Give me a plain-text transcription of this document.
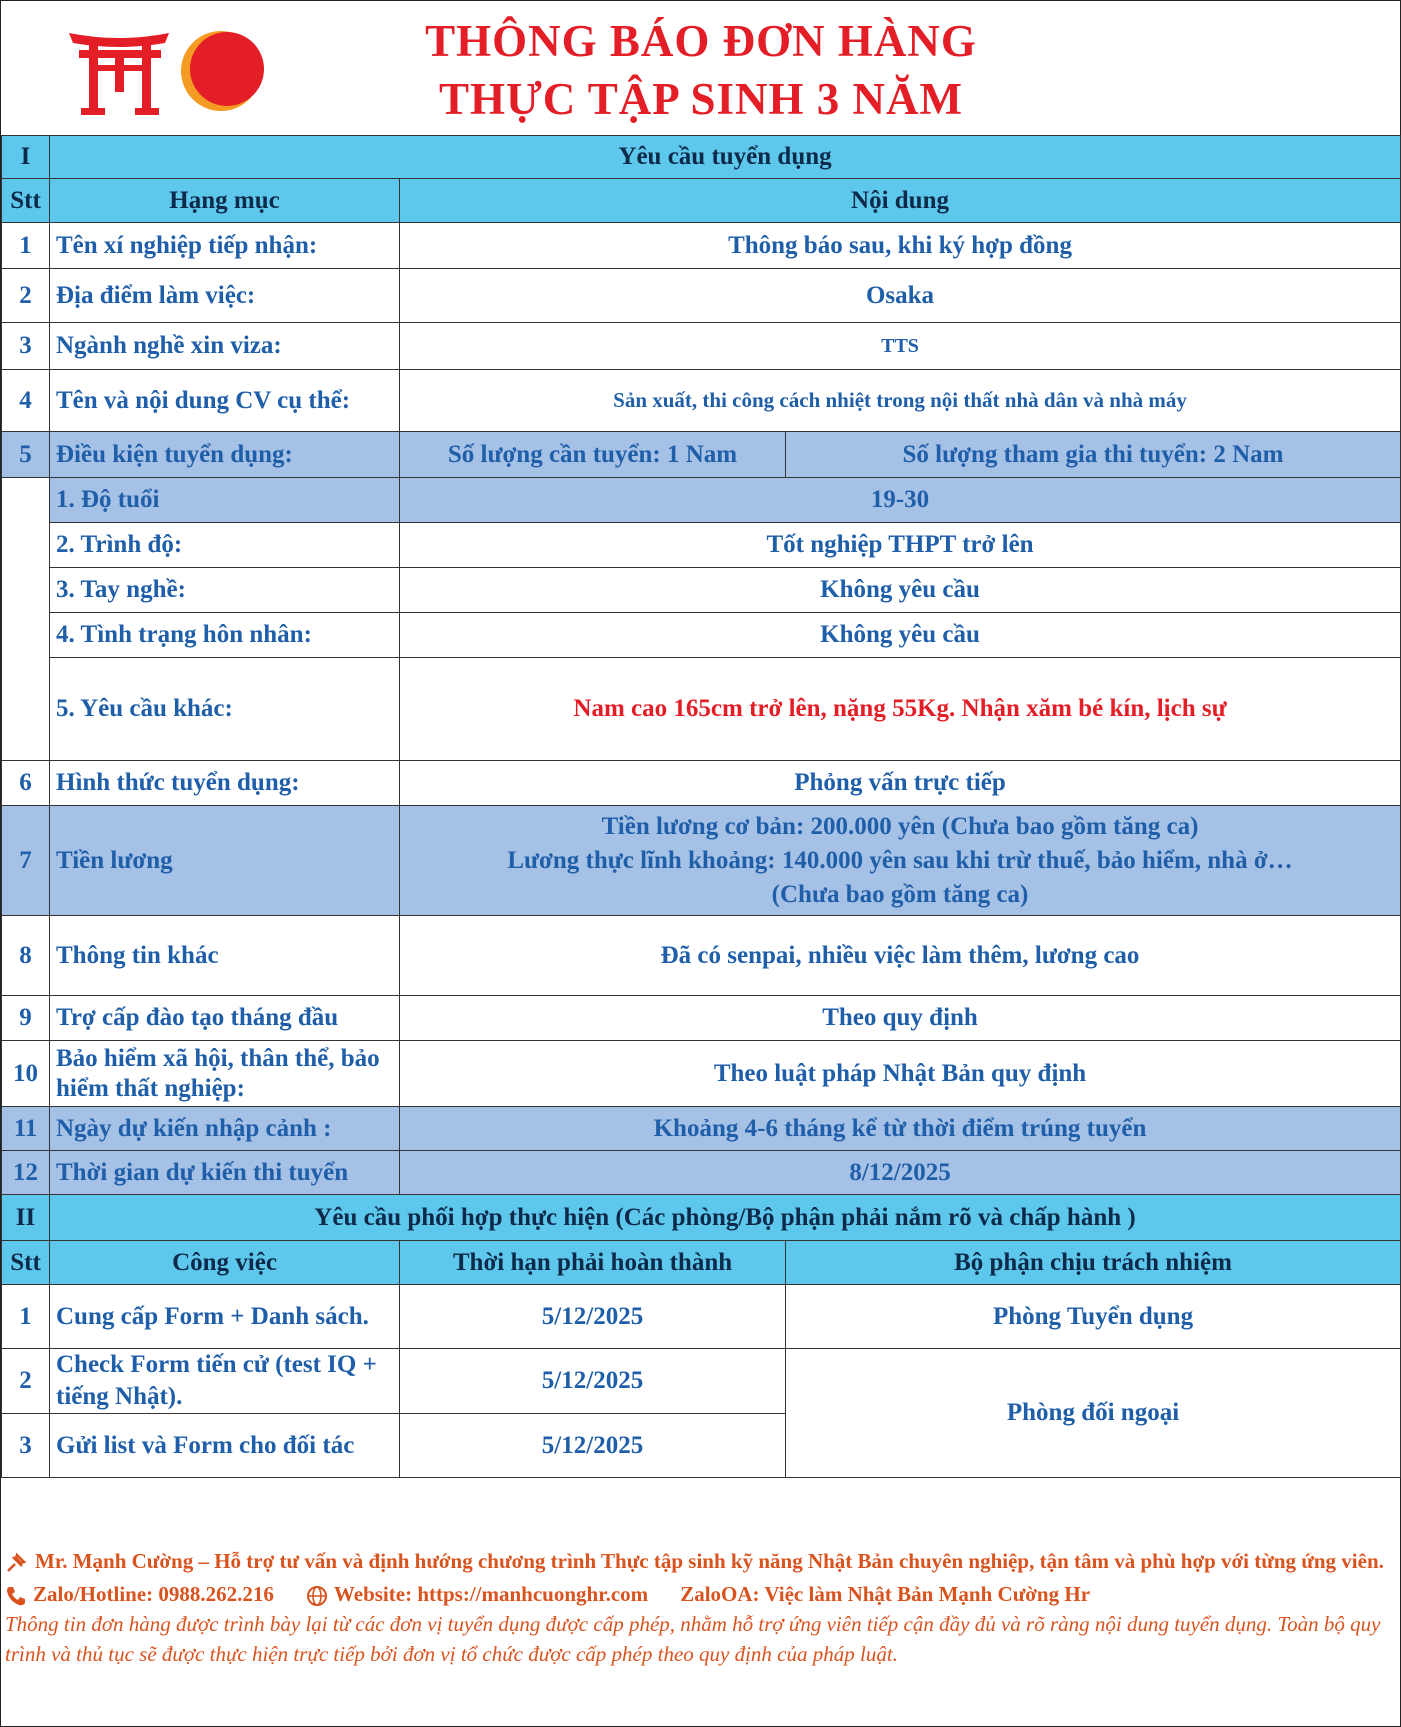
THÔNG BÁO ĐƠN HÀNG
THỰC TẬP SINH 3 NĂM
I	Yêu cầu tuyển dụng		
Stt	Hạng mục	Nội dung	
1	Tên xí nghiệp tiếp nhận:	Thông báo sau, khi ký hợp đồng	
2	Địa điểm làm việc:	Osaka	
3	Ngành nghề xin viza:	TTS	
4	Tên và nội dung CV cụ thể:	Sản xuất, thi công cách nhiệt trong nội thất nhà dân và nhà máy	
5	Điều kiện tuyển dụng:	Số lượng cần tuyển: 1 Nam	Số lượng tham gia thi tuyển: 2 Nam
	1. Độ tuổi	19-30	
	2. Trình độ:	Tốt nghiệp THPT trở lên	
	3. Tay nghề:	Không yêu cầu	
	4. Tình trạng hôn nhân:	Không yêu cầu	
	5. Yêu cầu khác:	Nam cao 165cm trở lên, nặng 55Kg. Nhận xăm bé kín, lịch sự	
6	Hình thức tuyển dụng:	Phỏng vấn trực tiếp	
7	Tiền lương	Tiền lương cơ bản: 200.000 yên (Chưa bao gồm tăng ca)
Lương thực lĩnh khoảng: 140.000 yên sau khi trừ thuế, bảo hiểm, nhà ở…
(Chưa bao gồm tăng ca)	

8	Thông tin khác	Đã có senpai, nhiều việc làm thêm, lương cao	
9	Trợ cấp đào tạo tháng đầu	Theo quy định	
10	Bảo hiểm xã hội, thân thể, bảo hiểm thất nghiệp:	Theo luật pháp Nhật Bản quy định	
11	Ngày dự kiến nhập cảnh :	Khoảng 4-6 tháng kể từ thời điểm trúng tuyển	
12	Thời gian dự kiến thi tuyển	8/12/2025	
II	Yêu cầu phối hợp thực hiện (Các phòng/Bộ phận phải nắm rõ và chấp hành )		
Stt	Công việc	Thời hạn phải hoàn thành	Bộ phận chịu trách nhiệm
1	Cung cấp Form + Danh sách.	5/12/2025	Phòng Tuyển dụng
2	Check Form tiến cử (test IQ + tiếng Nhật).	5/12/2025	Phòng đối ngoại
3	Gửi list và Form cho đối tác	5/12/2025	
Mr. Mạnh Cường – Hỗ trợ tư vấn và định hướng chương trình Thực tập sinh kỹ năng Nhật Bản chuyên nghiệp, tận tâm và phù hợp với từng ứng viên.
Zalo/Hotline: 0988.262.216	Website: https://manhcuonghr.com ZaloOA: Việc làm Nhật Bản Mạnh Cường Hr
Thông tin đơn hàng được trình bày lại từ các đơn vị tuyển dụng được cấp phép, nhằm hỗ trợ ứng viên tiếp cận đầy đủ và rõ ràng nội dung tuyển dụng. Toàn bộ quy trình và thủ tục sẽ được thực hiện trực tiếp bởi đơn vị tổ chức được cấp phép theo quy định của pháp luật.
